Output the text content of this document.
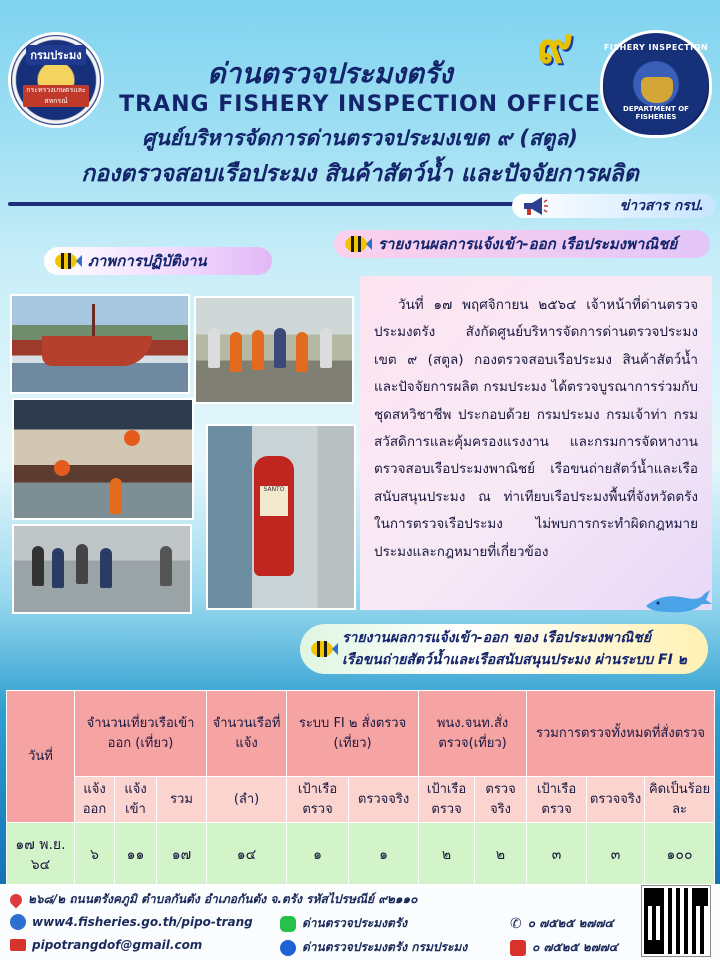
กรมประมง
กระทรวงเกษตรและสหกรณ์
๙	FISHERY INSPECTION
DEPARTMENT OF FISHERIES
ด่านตรวจประมงตรัง
TRANG FISHERY INSPECTION OFFICE
ศูนย์บริหารจัดการด่านตรวจประมงเขต ๙ (สตูล)
กองตรวจสอบเรือประมง สินค้าสัตว์น้ำ และปัจจัยการผลิต
ข่าวสาร กรป.
ภาพการปฏิบัติงาน
รายงานผลการแจ้งเข้า-ออก เรือประมงพาณิชย์
SANTO

วันที่ ๑๗ พฤศจิกายน ๒๕๖๔ เจ้าหน้าที่ด่านตรวจประมงตรัง สังกัดศูนย์บริหารจัดการด่านตรวจประมง เขต ๙ (สตูล) กองตรวจสอบเรือประมง สินค้าสัตว์น้ำ และปัจจัยการผลิต กรมประมง ได้ตรวจบูรณาการร่วมกับชุดสหวิชาชีพ ประกอบด้วย กรมประมง กรมเจ้าท่า กรมสวัสดิการและคุ้มครองแรงงาน และกรมการจัดหางาน ตรวจสอบเรือประมงพาณิชย์ เรือขนถ่ายสัตว์น้ำและเรือสนับสนุนประมง ณ ท่าเทียบเรือประมงพื้นที่จังหวัดตรัง ในการตรวจเรือประมง ไม่พบการกระทำผิดกฎหมายประมงและกฎหมายที่เกี่ยวข้อง

รายงานผลการแจ้งเข้า-ออก ของ เรือประมงพาณิชย์
เรือขนถ่ายสัตว์น้ำและเรือสนับสนุนประมง ผ่านระบบ FI ๒
วันที่	จำนวนเที่ยวเรือเข้าออก (เที่ยว)			จำนวนเรือที่แจ้ง	ระบบ FI ๒ สั่งตรวจ (เที่ยว)		พนง.จนท.สั่งตรวจ(เที่ยว)		รวมการตรวจทั้งหมดที่สั่งตรวจ		
	แจ้งออก	แจ้งเข้า	รวม	(ลำ)	เป้าเรือตรวจ	ตรวจจริง	เป้าเรือตรวจ	ตรวจจริง	เป้าเรือตรวจ	ตรวจจริง	คิดเป็นร้อยละ
๑๗ พ.ย. ๖๔	๖	๑๑	๑๗	๑๔	๑	๑	๒	๒	๓	๓	๑๐๐
๒๖๘/๒ ถนนตรังคภูมิ ตำบลกันตัง อำเภอกันตัง จ.ตรัง รหัสไปรษณีย์ ๙๒๑๑๐
www4.fisheries.go.th/pipo-trang
pipotrangdof@gmail.com
ด่านตรวจประมงตรัง
ด่านตรวจประมงตรัง กรมประมง
✆ ๐ ๗๕๒๕ ๒๗๗๔
๐ ๗๕๒๕ ๒๗๗๔
